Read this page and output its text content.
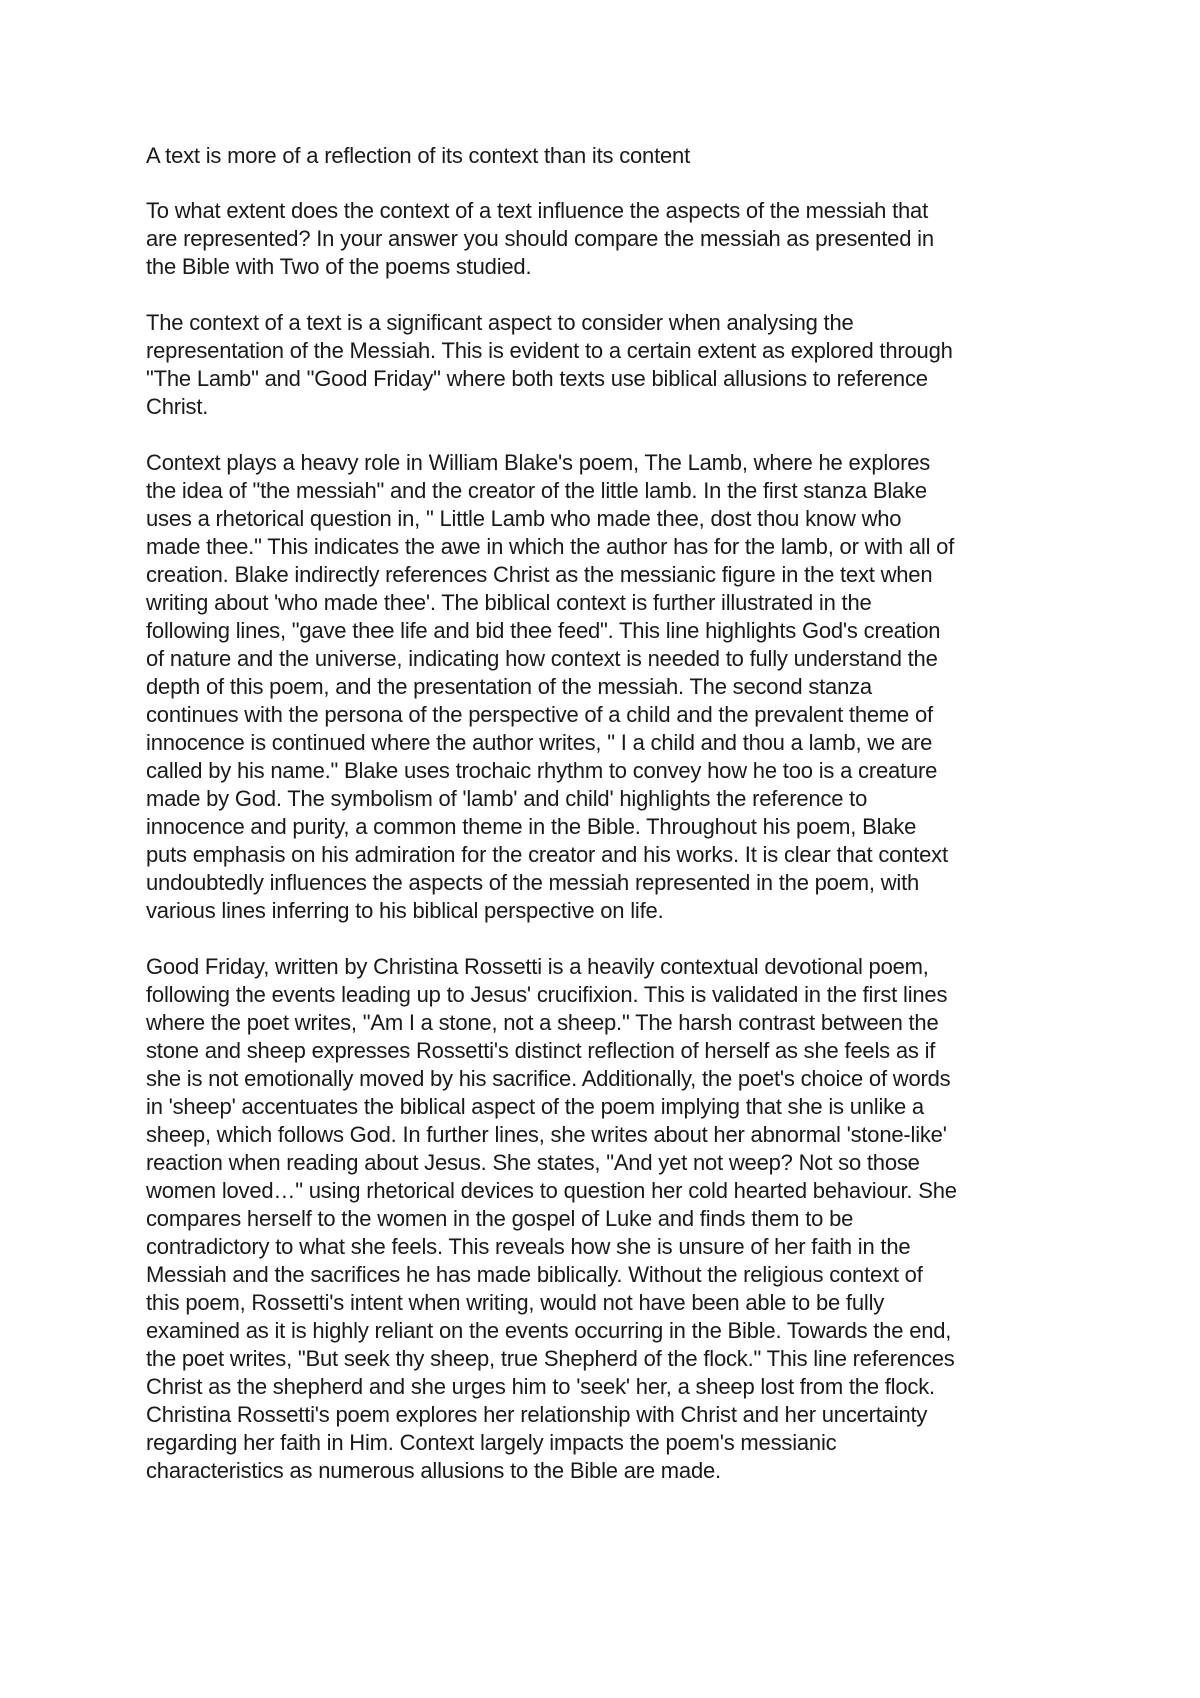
A text is more of a reflection of its context than its content

To what extent does the context of a text influence the aspects of the messiah that
are represented? In your answer you should compare the messiah as presented in
the Bible with Two of the poems studied.

The context of a text is a significant aspect to consider when analysing the
representation of the Messiah. This is evident to a certain extent as explored through
"The Lamb" and "Good Friday" where both texts use biblical allusions to reference
Christ.

Context plays a heavy role in William Blake's poem, The Lamb, where he explores
the idea of "the messiah" and the creator of the little lamb. In the first stanza Blake
uses a rhetorical question in, " Little Lamb who made thee, dost thou know who
made thee." This indicates the awe in which the author has for the lamb, or with all of
creation. Blake indirectly references Christ as the messianic figure in the text when
writing about 'who made thee'. The biblical context is further illustrated in the
following lines, "gave thee life and bid thee feed". This line highlights God's creation
of nature and the universe, indicating how context is needed to fully understand the
depth of this poem, and the presentation of the messiah. The second stanza
continues with the persona of the perspective of a child and the prevalent theme of
innocence is continued where the author writes, " I a child and thou a lamb, we are
called by his name." Blake uses trochaic rhythm to convey how he too is a creature
made by God. The symbolism of 'lamb' and child' highlights the reference to
innocence and purity, a common theme in the Bible. Throughout his poem, Blake
puts emphasis on his admiration for the creator and his works. It is clear that context
undoubtedly influences the aspects of the messiah represented in the poem, with
various lines inferring to his biblical perspective on life.

Good Friday, written by Christina Rossetti is a heavily contextual devotional poem,
following the events leading up to Jesus' crucifixion. This is validated in the first lines
where the poet writes, "Am I a stone, not a sheep." The harsh contrast between the
stone and sheep expresses Rossetti's distinct reflection of herself as she feels as if
she is not emotionally moved by his sacrifice. Additionally, the poet's choice of words
in 'sheep' accentuates the biblical aspect of the poem implying that she is unlike a
sheep, which follows God. In further lines, she writes about her abnormal 'stone-like'
reaction when reading about Jesus. She states, "And yet not weep? Not so those
women loved…" using rhetorical devices to question her cold hearted behaviour. She
compares herself to the women in the gospel of Luke and finds them to be
contradictory to what she feels. This reveals how she is unsure of her faith in the
Messiah and the sacrifices he has made biblically. Without the religious context of
this poem, Rossetti's intent when writing, would not have been able to be fully
examined as it is highly reliant on the events occurring in the Bible. Towards the end,
the poet writes, "But seek thy sheep, true Shepherd of the flock." This line references
Christ as the shepherd and she urges him to 'seek' her, a sheep lost from the flock.
Christina Rossetti's poem explores her relationship with Christ and her uncertainty
regarding her faith in Him. Context largely impacts the poem's messianic
characteristics as numerous allusions to the Bible are made.
